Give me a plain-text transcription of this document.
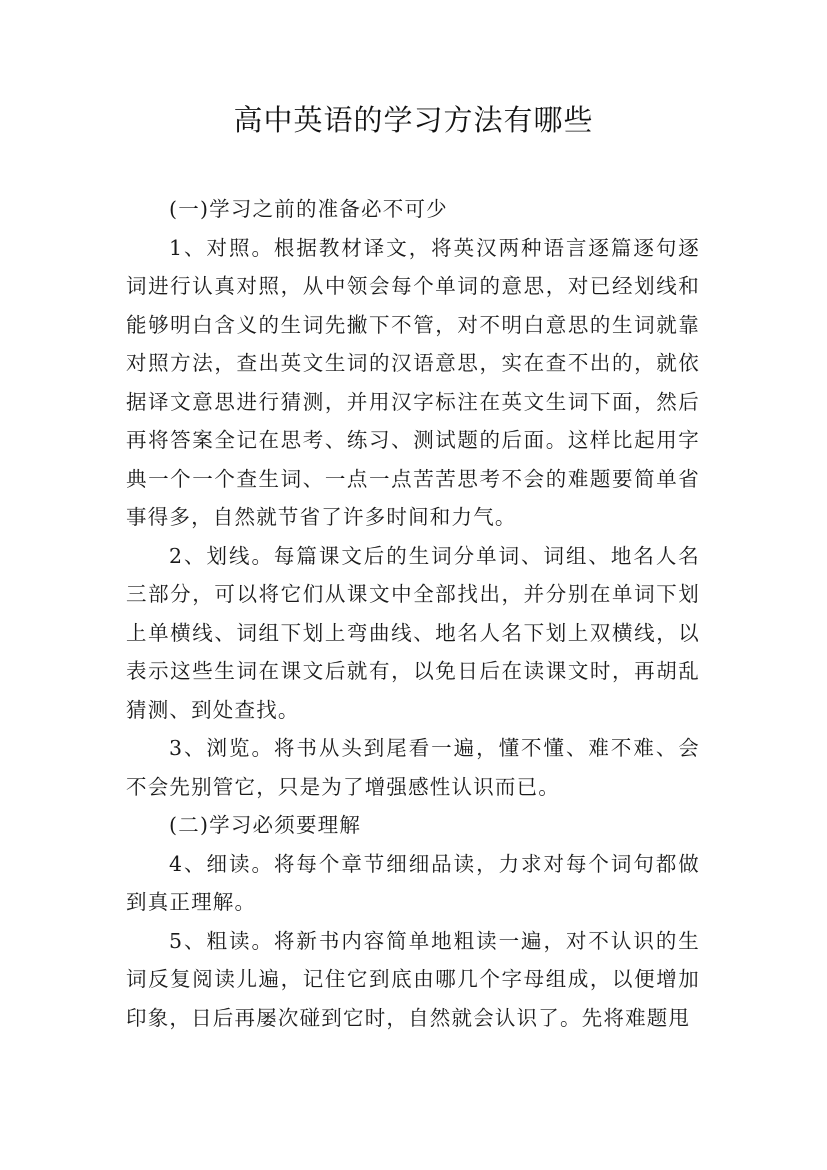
高中英语的学习方法有哪些

(一)学习之前的准备必不可少

1、对照。根据教材译文，将英汉两种语言逐篇逐句逐词进行认真对照，从中领会每个单词的意思，对已经划线和能够明白含义的生词先撇下不管，对不明白意思的生词就靠对照方法，查出英文生词的汉语意思，实在查不出的，就依据译文意思进行猜测，并用汉字标注在英文生词下面，然后再将答案全记在思考、练习、测试题的后面。这样比起用字典一个一个查生词、一点一点苦苦思考不会的难题要简单省事得多，自然就节省了许多时间和力气。

2、划线。每篇课文后的生词分单词、词组、地名人名三部分，可以将它们从课文中全部找出，并分别在单词下划上单横线、词组下划上弯曲线、地名人名下划上双横线，以表示这些生词在课文后就有，以免日后在读课文时，再胡乱猜测、到处查找。

3、浏览。将书从头到尾看一遍，懂不懂、难不难、会不会先别管它，只是为了增强感性认识而已。

(二)学习必须要理解

4、细读。将每个章节细细品读，力求对每个词句都做到真正理解。

5、粗读。将新书内容简单地粗读一遍，对不认识的生词反复阅读儿遍，记住它到底由哪几个字母组成，以便增加印象，日后再屡次碰到它时，自然就会认识了。先将难题甩
